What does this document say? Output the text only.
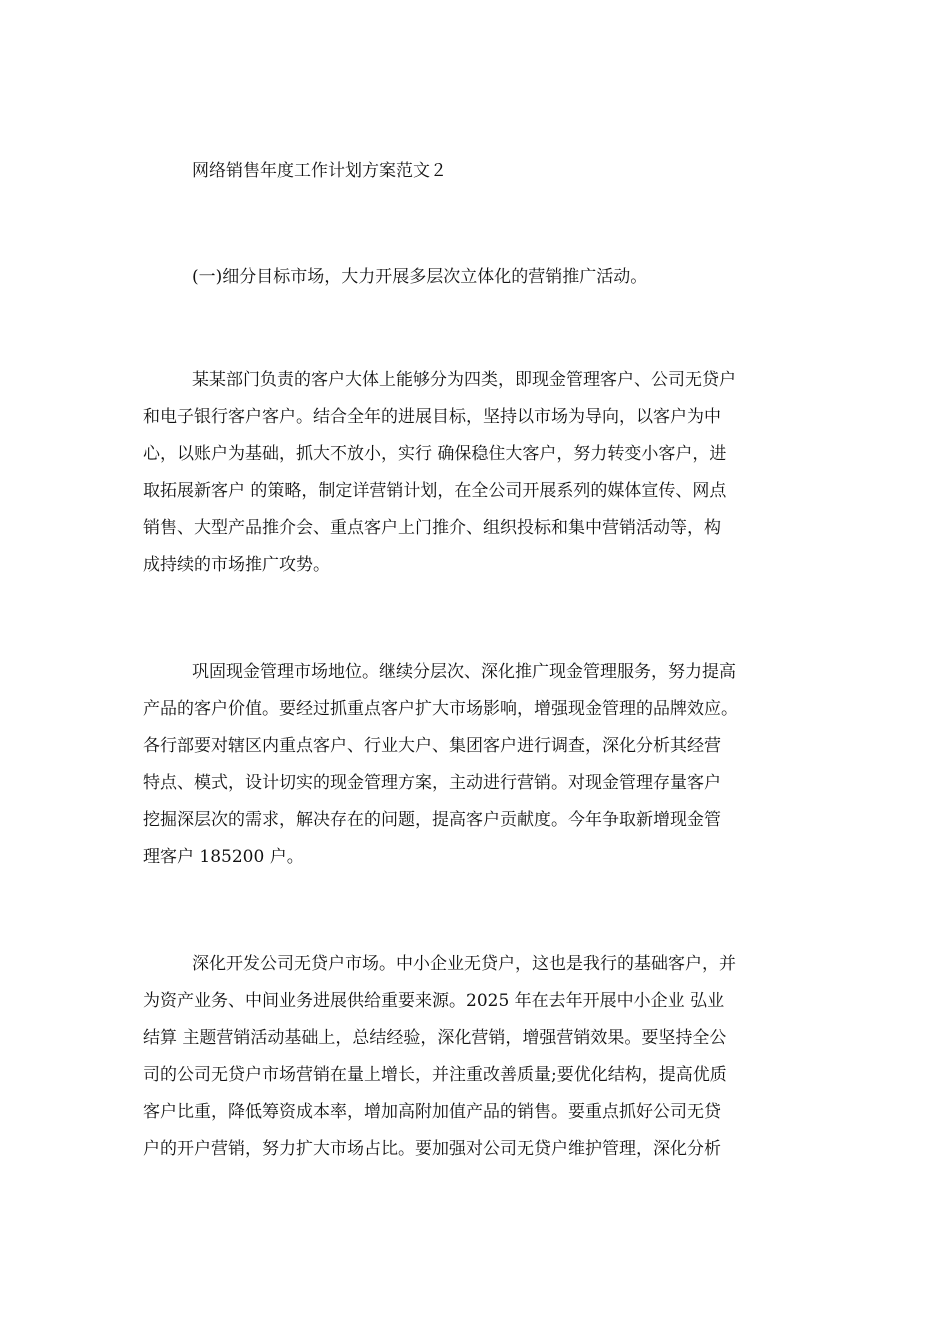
网络销售年度工作计划方案范文２
(一)细分目标市场，大力开展多层次立体化的营销推广活动。
某某部门负责的客户大体上能够分为四类，即现金管理客户、公司无贷户
和电子银行客户客户。结合全年的进展目标，坚持以市场为导向，以客户为中
心，以账户为基础，抓大不放小，实行 确保稳住大客户，努力转变小客户，进
取拓展新客户 的策略，制定详营销计划，在全公司开展系列的媒体宣传、网点
销售、大型产品推介会、重点客户上门推介、组织投标和集中营销活动等，构
成持续的市场推广攻势。
巩固现金管理市场地位。继续分层次、深化推广现金管理服务，努力提高
产品的客户价值。要经过抓重点客户扩大市场影响，增强现金管理的品牌效应。
各行部要对辖区内重点客户、行业大户、集团客户进行调查，深化分析其经营
特点、模式，设计切实的现金管理方案，主动进行营销。对现金管理存量客户
挖掘深层次的需求，解决存在的问题，提高客户贡献度。今年争取新增现金管
理客户 185200 户。
深化开发公司无贷户市场。中小企业无贷户，这也是我行的基础客户，并
为资产业务、中间业务进展供给重要来源。2025 年在去年开展中小企业 弘业
结算 主题营销活动基础上，总结经验，深化营销，增强营销效果。要坚持全公
司的公司无贷户市场营销在量上增长，并注重改善质量;要优化结构，提高优质
客户比重，降低筹资成本率，增加高附加值产品的销售。要重点抓好公司无贷
户的开户营销，努力扩大市场占比。要加强对公司无贷户维护管理，深化分析
